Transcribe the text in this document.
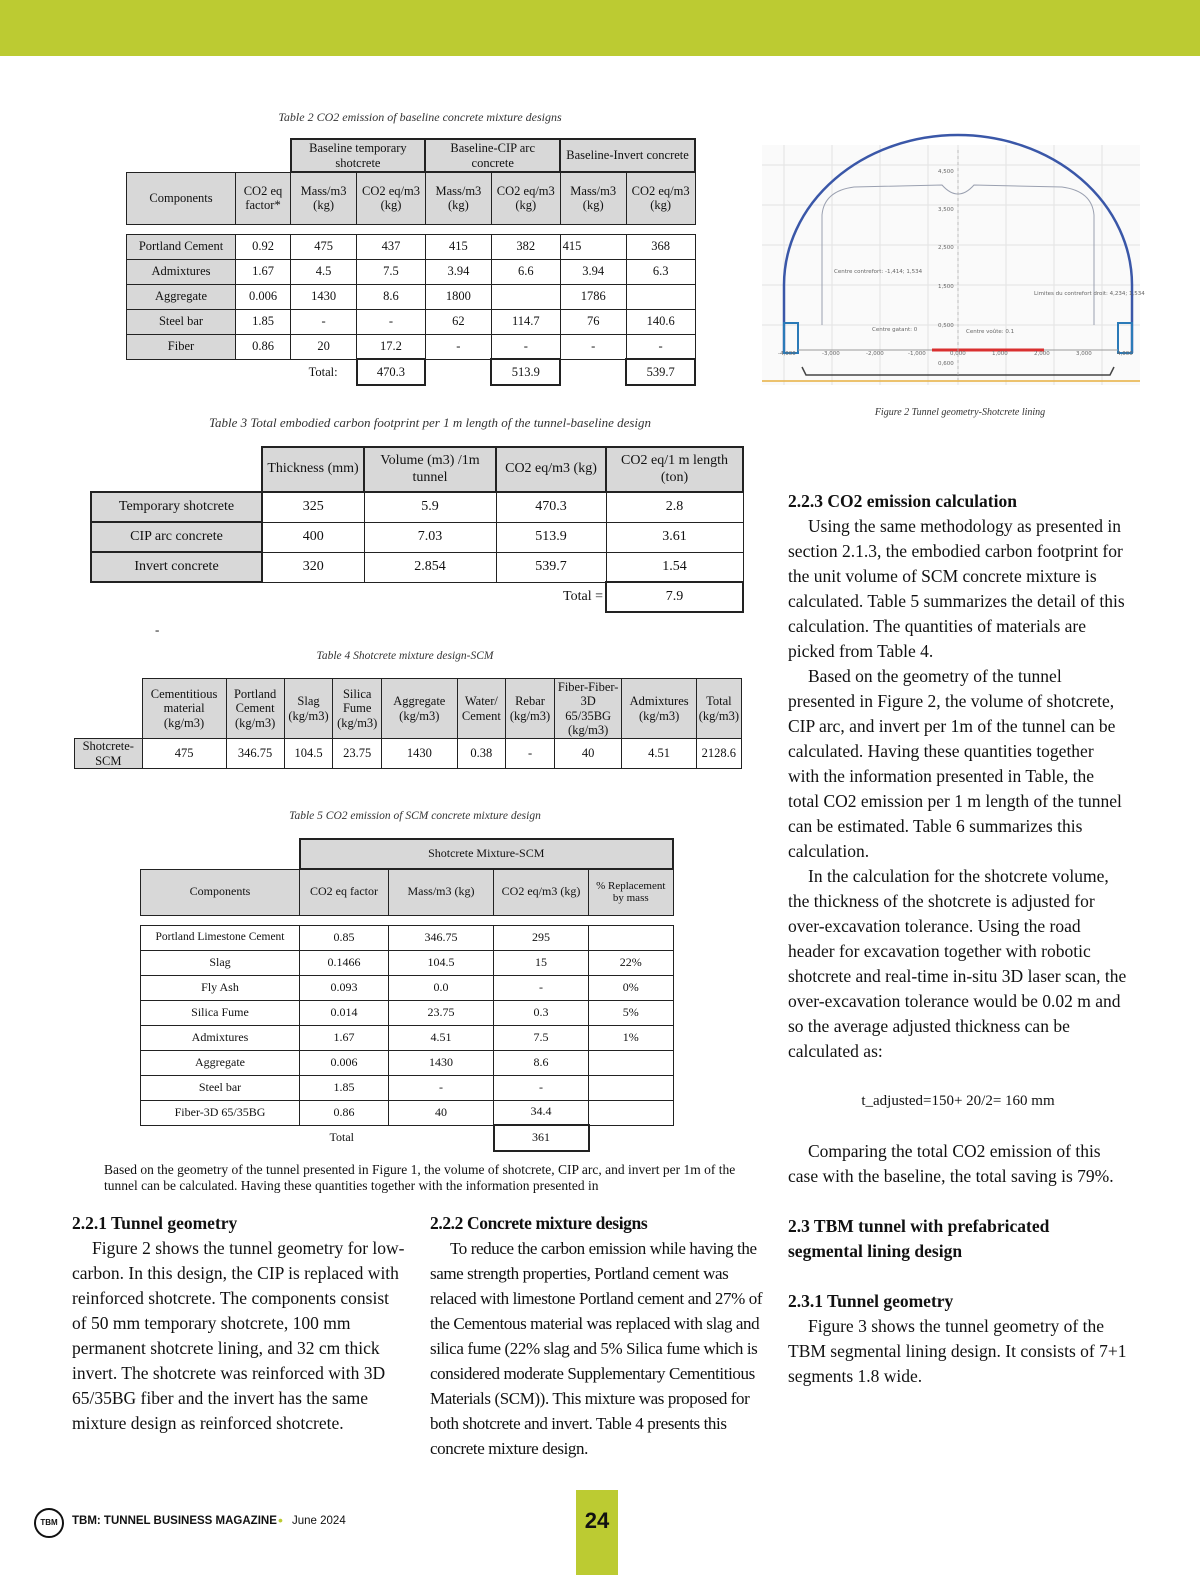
Table 2 CO2 emission of baseline concrete mixture designs
		Baseline temporary shotcrete		Baseline-CIP arc concrete		Baseline-Invert concrete	
Components	CO2 eq factor*	Mass/m3 (kg)	CO2 eq/m3 (kg)	Mass/m3 (kg)	CO2 eq/m3 (kg)	Mass/m3 (kg)	CO2 eq/m3 (kg)

Portland Cement	0.92	475	437	415	382	415	368
Admixtures	1.67	4.5	7.5	3.94	6.6	3.94	6.3
Aggregate	0.006	1430	8.6	1800		1786	
Steel bar	1.85	-	-	62	114.7	76	140.6
Fiber	0.86	20	17.2	-	-	-	-
		Total:	470.3		513.9		539.7
4,500
3,500
2,500
1,500
0,500
0,600
Centre contrefort: -1,414; 1,534
Limites du contrefort droit: 4,234; 1,534
Centre gatant: 0	Centre voûte: 0.1
-4,000	-3,000	-2,000	-1,000	0,000	1,000	2,000	3,000	4,000
Figure 2 Tunnel geometry-Shotcrete lining
Table 3 Total embodied carbon footprint per 1 m length of the tunnel-baseline design
	Thickness (mm)	Volume (m3) /1m tunnel	CO2 eq/m3 (kg)	CO2 eq/1 m length (ton)
Temporary shotcrete	325	5.9	470.3	2.8
CIP arc concrete	400	7.03	513.9	3.61
Invert concrete	320	2.854	539.7	1.54
			Total =	7.9
-
Table 4 Shotcrete mixture design-SCM
	Cementitious material (kg/m3)	Portland Cement (kg/m3)	Slag (kg/m3)	Silica Fume (kg/m3)	Aggregate (kg/m3)	Water/ Cement	Rebar (kg/m3)	Fiber-Fiber-3D 65/35BG (kg/m3)	Admixtures (kg/m3)	Total (kg/m3)
Shotcrete-SCM	475	346.75	104.5	23.75	1430	0.38	-	40	4.51	2128.6
Table 5 CO2 emission of SCM concrete mixture design
	Shotcrete Mixture-SCM			
Components	CO2 eq factor	Mass/m3 (kg)	CO2 eq/m3 (kg)	% Replacement by mass

Portland Limestone Cement	0.85	346.75	295	
Slag	0.1466	104.5	15	22%
Fly Ash	0.093	0.0	-	0%
Silica Fume	0.014	23.75	0.3	5%
Admixtures	1.67	4.51	7.5	1%
Aggregate	0.006	1430	8.6	
Steel bar	1.85	-	-	
Fiber-3D 65/35BG	0.86	40	34.4	
	Total		361	
Based on the geometry of the tunnel presented in Figure 1, the volume of shotcrete, CIP arc, and invert per 1m of the tunnel can be calculated. Having these quantities together with the information presented in
2.2.1 Tunnel geometry

Figure 2 shows the tunnel geometry for low-carbon. In this design, the CIP is replaced with reinforced shotcrete. The components consist of 50 mm temporary shotcrete, 100 mm permanent shotcrete lining, and 32 cm thick invert. The shotcrete was reinforced with 3D 65/35BG fiber and the invert has the same mixture design as reinforced shotcrete.

2.2.2 Concrete mixture designs

To reduce the carbon emission while having the same strength properties, Portland cement was relaced with limestone Portland cement and 27% of the Cementous material was replaced with slag and silica fume (22% slag and 5% Silica fume which is considered moderate Supplementary Cementitious Materials (SCM)). This mixture was proposed for both shotcrete and invert. Table 4 presents this concrete mixture design.

2.2.3 CO2 emission calculation

Using the same methodology as presented in section 2.1.3, the embodied carbon footprint for the unit volume of SCM concrete mixture is calculated. Table 5 summarizes the detail of this calculation. The quantities of materials are picked from Table 4.

Based on the geometry of the tunnel presented in Figure 2, the volume of shotcrete, CIP arc, and invert per 1m of the tunnel can be calculated. Having these quantities together with the information presented in Table, the total CO2 emission per 1 m length of the tunnel can be estimated. Table 6 summarizes this calculation.

In the calculation for the shotcrete volume, the thickness of the shotcrete is adjusted for over-excavation tolerance. Using the road header for excavation together with robotic shotcrete and real-time in-situ 3D laser scan, the over-excavation tolerance would be 0.02 m and so the average adjusted thickness can be calculated as:

t_adjusted=150+ 20/2= 160 mm

Comparing the total CO2 emission of this case with the baseline, the total saving is 79%.

2.3 TBM tunnel with prefabricated segmental lining design
2.3.1 Tunnel geometry

Figure 3 shows the tunnel geometry of the TBM segmental lining design. It consists of 7+1 segments 1.8 wide.

24
TBM	TBM: TUNNEL BUSINESS MAGAZINE • June 2024
